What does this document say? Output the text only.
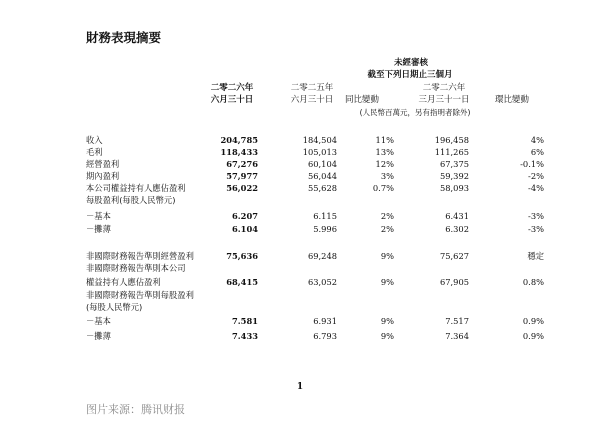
財務表現摘要
未經審核
截至下列日期止三個月
二零二六年
六月三十日
二零二五年
六月三十日	同比變動
二零二六年
三月三十一日	環比變動
(人民幣百萬元，另有指明者除外)
收入	204,785	184,504	11%	196,458	4%
毛利	118,433	105,013	13%	111,265	6%
經營盈利	67,276	60,104	12%	67,375	-0.1%
期內盈利	57,977	56,044	3%	59,392	-2%
本公司權益持有人應佔盈利	56,022	55,628	0.7%	58,093	-4%
每股盈利(每股人民幣元)
－基本	6.207	6.115	2%	6.431	-3%
－攤薄	6.104	5.996	2%	6.302	-3%
非國際財務報告準則經營盈利	75,636	69,248	9%	75,627	穩定
非國際財務報告準則本公司
權益持有人應佔盈利	68,415	63,052	9%	67,905	0.8%
非國際財務報告準則每股盈利
(每股人民幣元)
－基本	7.581	6.931	9%	7.517	0.9%
－攤薄	7.433	6.793	9%	7.364	0.9%
1
图片来源：腾讯财报
